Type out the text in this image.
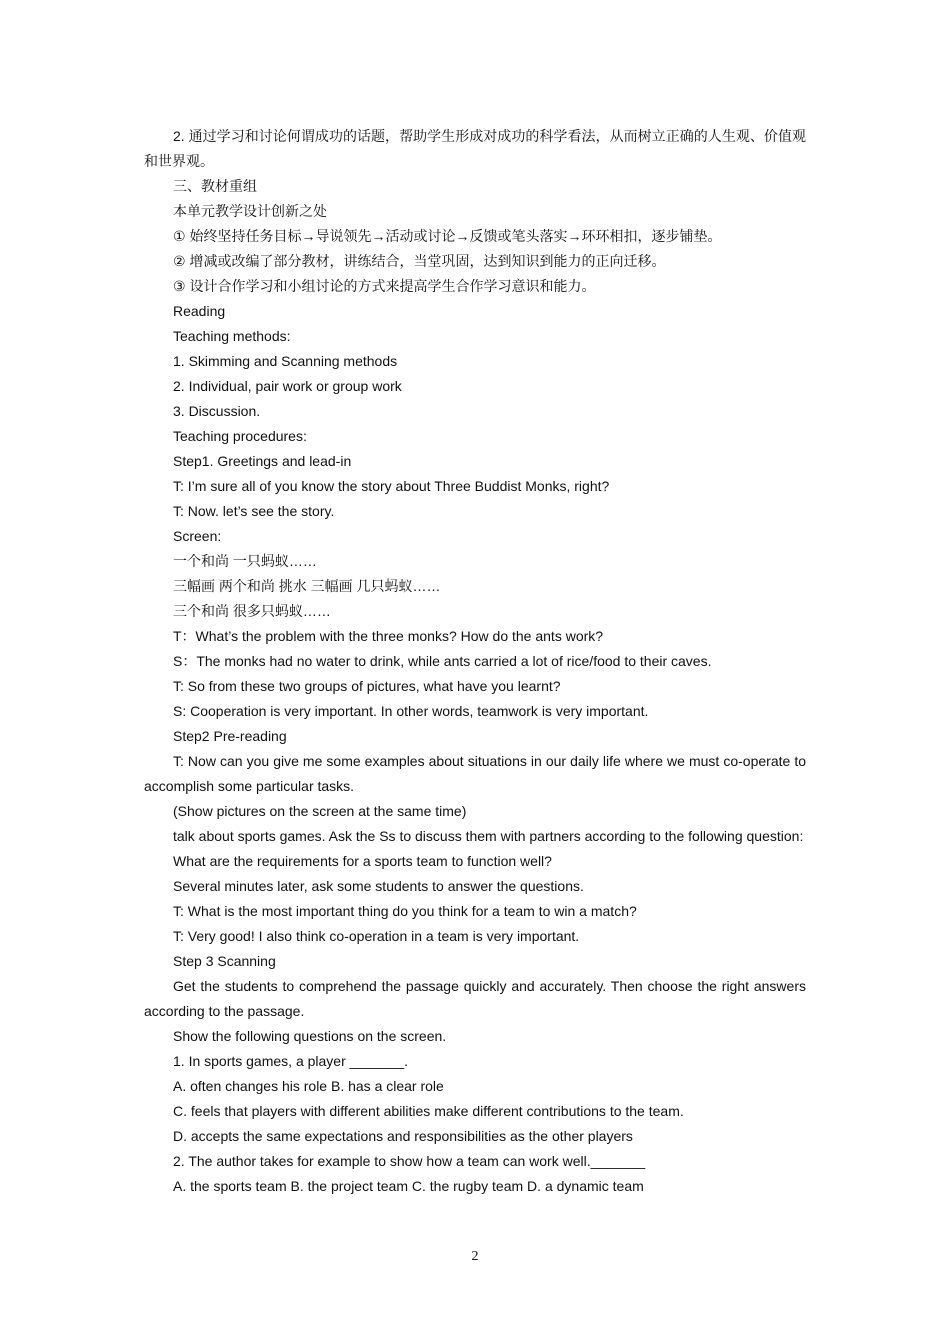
2. 通过学习和讨论何谓成功的话题，帮助学生形成对成功的科学看法，从而树立正确的人生观、价值观和世界观。

三、教材重组

本单元教学设计创新之处

① 始终坚持任务目标→导说领先→活动或讨论→反馈或笔头落实→环环相扣，逐步铺垫。

② 增减或改编了部分教材，讲练结合，当堂巩固，达到知识到能力的正向迁移。

③ 设计合作学习和小组讨论的方式来提高学生合作学习意识和能力。

Reading

Teaching methods:

1. Skimming and Scanning methods

2. Individual, pair work or group work

3. Discussion.

Teaching procedures:

Step1. Greetings and lead-in

T: I’m sure all of you know the story about Three Buddist Monks, right?

T: Now. let’s see the story.

Screen:

一个和尚 一只蚂蚁……

三幅画 两个和尚 挑水 三幅画 几只蚂蚁……

三个和尚 很多只蚂蚁……

T：What’s the problem with the three monks? How do the ants work?

S：The monks had no water to drink, while ants carried a lot of rice/food to their caves.

T: So from these two groups of pictures, what have you learnt?

S: Cooperation is very important. In other words, teamwork is very important.

Step2 Pre-reading

T: Now can you give me some examples about situations in our daily life where we must co-operate to accomplish some particular tasks.

(Show pictures on the screen at the same time)

talk about sports games. Ask the Ss to discuss them with partners according to the following question:

What are the requirements for a sports team to function well?

Several minutes later, ask some students to answer the questions.

T: What is the most important thing do you think for a team to win a match?

T: Very good! I also think co-operation in a team is very important.

Step 3 Scanning

Get the students to comprehend the passage quickly and accurately. Then choose the right answers according to the passage.

Show the following questions on the screen.

1. In sports games, a player _______.

A. often changes his role B. has a clear role

C. feels that players with different abilities make different contributions to the team.

D. accepts the same expectations and responsibilities as the other players

2. The author takes for example to show how a team can work well._______

A. the sports team B. the project team C. the rugby team D. a dynamic team

2
